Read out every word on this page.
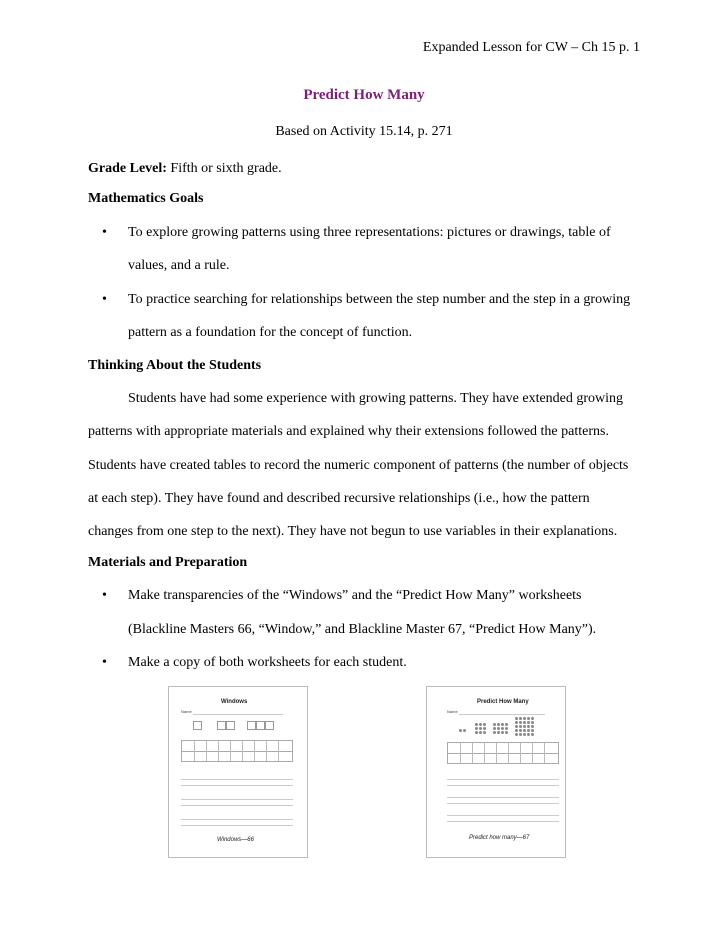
Expanded Lesson for CW – Ch 15 p. 1
Predict How Many
Based on Activity 15.14, p. 271
Grade Level: Fifth or sixth grade.
Mathematics Goals
• To explore growing patterns using three representations: pictures or drawings, table of
values, and a rule.
• To practice searching for relationships between the step number and the step in a growing
pattern as a foundation for the concept of function.
Thinking About the Students
Students have had some experience with growing patterns. They have extended growing
patterns with appropriate materials and explained why their extensions followed the patterns.
Students have created tables to record the numeric component of patterns (the number of objects
at each step). They have found and described recursive relationships (i.e., how the pattern
changes from one step to the next). They have not begun to use variables in their explanations.
Materials and Preparation
• Make transparencies of the “Windows” and the “Predict How Many” worksheets
(Blackline Masters 66, “Window,” and Blackline Master 67, “Predict How Many”).
• Make a copy of both worksheets for each student.
Windows
Name
Windows—66
Predict How Many
Name
Predict how many—67
